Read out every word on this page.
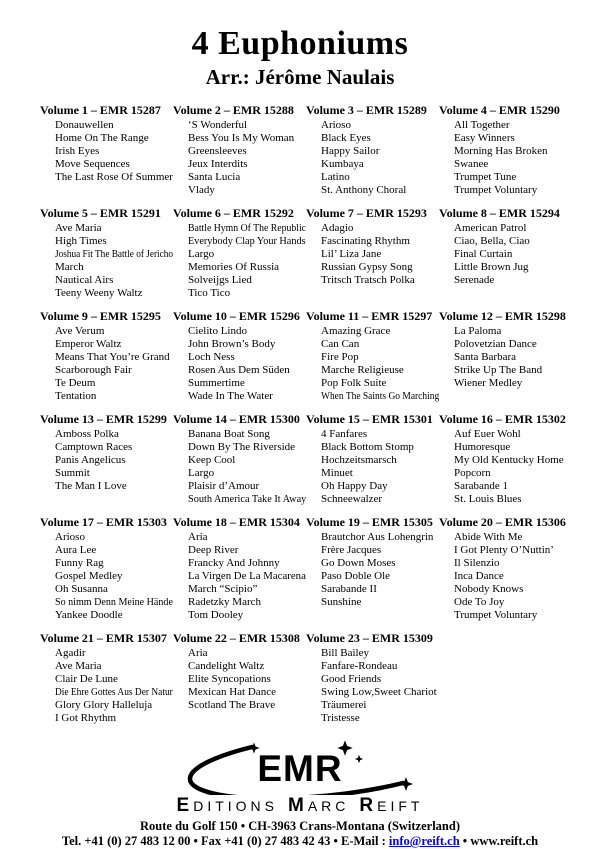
4 Euphoniums
Arr.: Jérôme Naulais
Volume 1 – EMR 15287
Donauwellen
Home On The Range
Irish Eyes
Move Sequences
The Last Rose Of Summer
Volume 2 – EMR 15288
‘S Wonderful
Bess You Is My Woman
Greensleeves
Jeux Interdits
Santa Lucia
Vlady
Volume 3 – EMR 15289
Arioso
Black Eyes
Happy Sailor
Kumbaya
Latino
St. Anthony Choral
Volume 4 – EMR 15290
All Together
Easy Winners
Morning Has Broken
Swanee
Trumpet Tune
Trumpet Voluntary
Volume 5 – EMR 15291
Ave Maria
High Times
Joshua Fit The Battle of Jericho
March
Nautical Airs
Teeny Weeny Waltz
Volume 6 – EMR 15292
Battle Hymn Of The Republic
Everybody Clap Your Hands
Largo
Memories Of Russia
Solveijgs Lied
Tico Tico
Volume 7 – EMR 15293
Adagio
Fascinating Rhythm
Lil’ Liza Jane
Russian Gypsy Song
Tritsch Tratsch Polka
Volume 8 – EMR 15294
American Patrol
Ciao, Bella, Ciao
Final Curtain
Little Brown Jug
Serenade
Volume 9 – EMR 15295
Ave Verum
Emperor Waltz
Means That You’re Grand
Scarborough Fair
Te Deum
Tentation
Volume 10 – EMR 15296
Cielito Lindo
John Brown’s Body
Loch Ness
Rosen Aus Dem Süden
Summertime
Wade In The Water
Volume 11 – EMR 15297
Amazing Grace
Can Can
Fire Pop
Marche Religieuse
Pop Folk Suite
When The Saints Go Marching
Volume 12 – EMR 15298
La Paloma
Polovetzian Dance
Santa Barbara
Strike Up The Band
Wiener Medley
Volume 13 – EMR 15299
Amboss Polka
Camptown Races
Panis Angelicus
Summit
The Man I Love
Volume 14 – EMR 15300
Banana Boat Song
Down By The Riverside
Keep Cool
Largo
Plaisir d’Amour
South America Take It Away
Volume 15 – EMR 15301
4 Fanfares
Black Bottom Stomp
Hochzeitsmarsch
Minuet
Oh Happy Day
Schneewalzer
Volume 16 – EMR 15302
Auf Euer Wohl
Humoresque
My Old Kentucky Home
Popcorn
Sarabande 1
St. Louis Blues
Volume 17 – EMR 15303
Arioso
Aura Lee
Funny Rag
Gospel Medley
Oh Susanna
So nimm Denn Meine Hände
Yankee Doodle
Volume 18 – EMR 15304
Aria
Deep River
Francky And Johnny
La Virgen De La Macarena
March “Scipio”
Radetzky March
Tom Dooley
Volume 19 – EMR 15305
Brautchor Aus Lohengrin
Frère Jacques
Go Down Moses
Paso Doble Ole
Sarabande II
Sunshine
Volume 20 – EMR 15306
Abide With Me
I Got Plenty O’Nuttin’
Il Silenzio
Inca Dance
Nobody Knows
Ode To Joy
Trumpet Voluntary
Volume 21 – EMR 15307
Agadir
Ave Maria
Clair De Lune
Die Ehre Gottes Aus Der Natur
Glory Glory Halleluja
I Got Rhythm
Volume 22 – EMR 15308
Aria
Candelight Waltz
Elite Syncopations
Mexican Hat Dance
Scotland The Brave
Volume 23 – EMR 15309
Bill Bailey
Fanfare-Rondeau
Good Friends
Swing Low,Sweet Chariot
Träumerei
Tristesse
EMR
EDITIONS MARC REIFT
Route du Golf 150 • CH-3963 Crans-Montana (Switzerland)
Tel. +41 (0) 27 483 12 00 • Fax +41 (0) 27 483 42 43 • E-Mail : info@reift.ch • www.reift.ch
